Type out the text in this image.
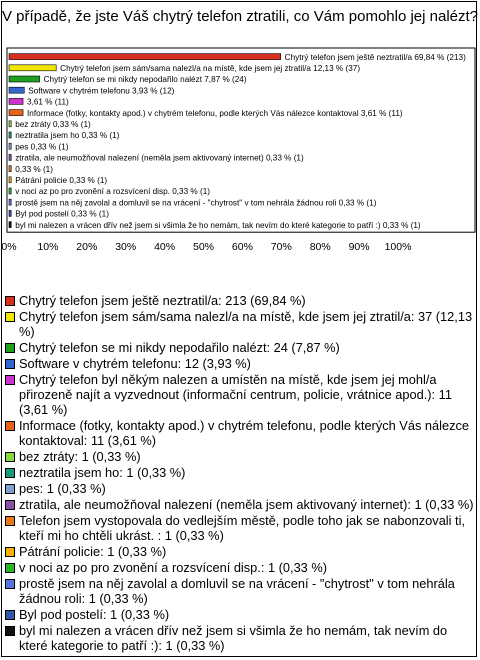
V případě, že jste Váš chytrý telefon ztratili, co Vám pomohlo jej nalézt?
Chytrý telefon jsem ještě neztratil/a 69,84 % (213)
Chytrý telefon jsem sám/sama nalezl/a na místě, kde jsem jej ztratil/a 12,13 % (37)
Chytrý telefon se mi nikdy nepodařilo nalézt 7,87 % (24)
Software v chytrém telefonu 3,93 % (12)
3,61 % (11)
Informace (fotky, kontakty apod.) v chytrém telefonu, podle kterých Vás nálezce kontaktoval 3,61 % (11)
bez ztráty 0,33 % (1)
neztratila jsem ho 0,33 % (1)
pes 0,33 % (1)
ztratila, ale neumožňoval nalezení (neměla jsem aktivovaný internet) 0,33 % (1)
0,33 % (1)
Pátrání policie 0,33 % (1)
v noci az po pro zvonění a rozsvícení disp. 0,33 % (1)
prostě jsem na něj zavolal a domluvil se na vrácení - "chytrost" v tom nehrála žádnou roli 0,33 % (1)
Byl pod postelí 0,33 % (1)
byl mi nalezen a vrácen dřív než jsem si všimla že ho nemám, tak nevím do které kategorie to patří :) 0,33 % (1)
0% 10% 20% 30% 40% 50% 60% 70% 80% 90% 100%
Chytrý telefon jsem ještě neztratil/a: 213 (69,84 %)
Chytrý telefon jsem sám/sama nalezl/a na místě, kde jsem jej ztratil/a: 37 (12,13 %)
Chytrý telefon se mi nikdy nepodařilo nalézt: 24 (7,87 %)
Software v chytrém telefonu: 12 (3,93 %)
Chytrý telefon byl někým nalezen a umístěn na místě, kde jsem jej mohl/a přirozeně najít a vyzvednout (informační centrum, policie, vrátnice apod.): 11 (3,61 %)
Informace (fotky, kontakty apod.) v chytrém telefonu, podle kterých Vás nálezce kontaktoval: 11 (3,61 %)
bez ztráty: 1 (0,33 %)
neztratila jsem ho: 1 (0,33 %)
pes: 1 (0,33 %)
ztratila, ale neumožňoval nalezení (neměla jsem aktivovaný internet): 1 (0,33 %)
Telefon jsem vystopovala do vedlejším městě, podle toho jak se nabonzovali ti, kteří mi ho chtěli ukrást. : 1 (0,33 %)
Pátrání policie: 1 (0,33 %)
v noci az po pro zvonění a rozsvícení disp.: 1 (0,33 %)
prostě jsem na něj zavolal a domluvil se na vrácení - "chytrost" v tom nehrála žádnou roli: 1 (0,33 %)
Byl pod postelí: 1 (0,33 %)
byl mi nalezen a vrácen dřív než jsem si všimla že ho nemám, tak nevím do které kategorie to patří :): 1 (0,33 %)
